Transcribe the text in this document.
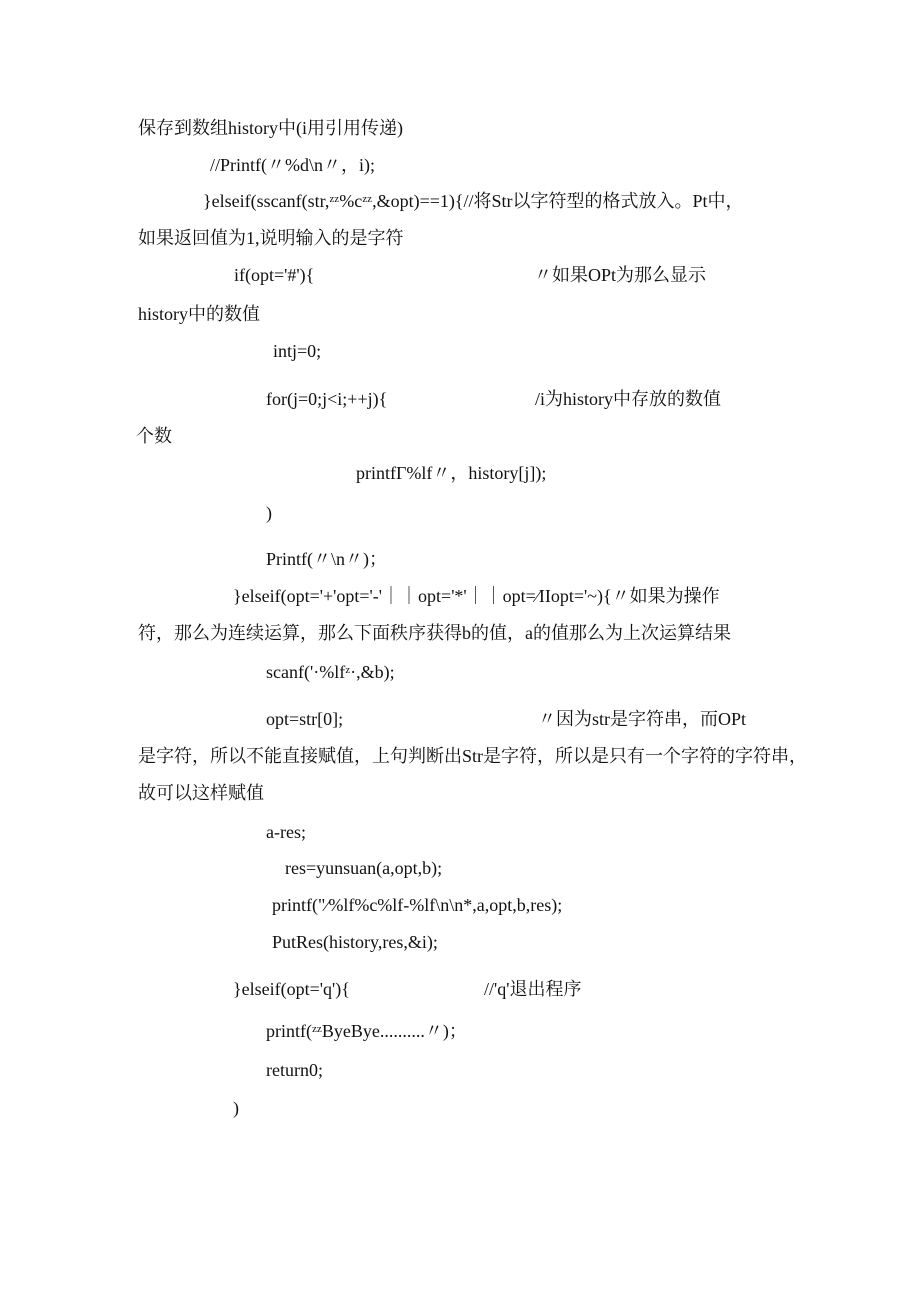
保存到数组history中(i用引用传递)
//Printf(〃%d\n〃，i);
}elseif(sscanf(str,ᶻᶻ%cᶻᶻ,&opt)==1){//将Str以字符型的格式放入。Pt中，
如果返回值为1,说明输入的是字符
if(opt='#'){	〃如果OPt为那么显示
history中的数值
intj=0;
for(j=0;j<i;++j){	/i为history中存放的数值
个数
printfΓ%lf〃，history[j]);
)
Printf(〃\n〃)；
}elseif(opt='+'opt='-'｜｜opt='*'｜｜opt=∕IIopt='~){〃如果为操作
符，那么为连续运算，那么下面秩序获得b的值，a的值那么为上次运算结果
scanf('·%lfᶻ·,&b);
opt=str[0];	〃因为str是字符串，而OPt
是字符，所以不能直接赋值，上句判断出Str是字符，所以是只有一个字符的字符串，
故可以这样赋值
a-res;
res=yunsuan(a,opt,b);
printf("∕%lf%c%lf-%lf\n\n*,a,opt,b,res);
PutRes(history,res,&i);
}elseif(opt='q'){	//'q'退出程序
printf(ᶻᶻByeBye..........〃)；
return0;
)
